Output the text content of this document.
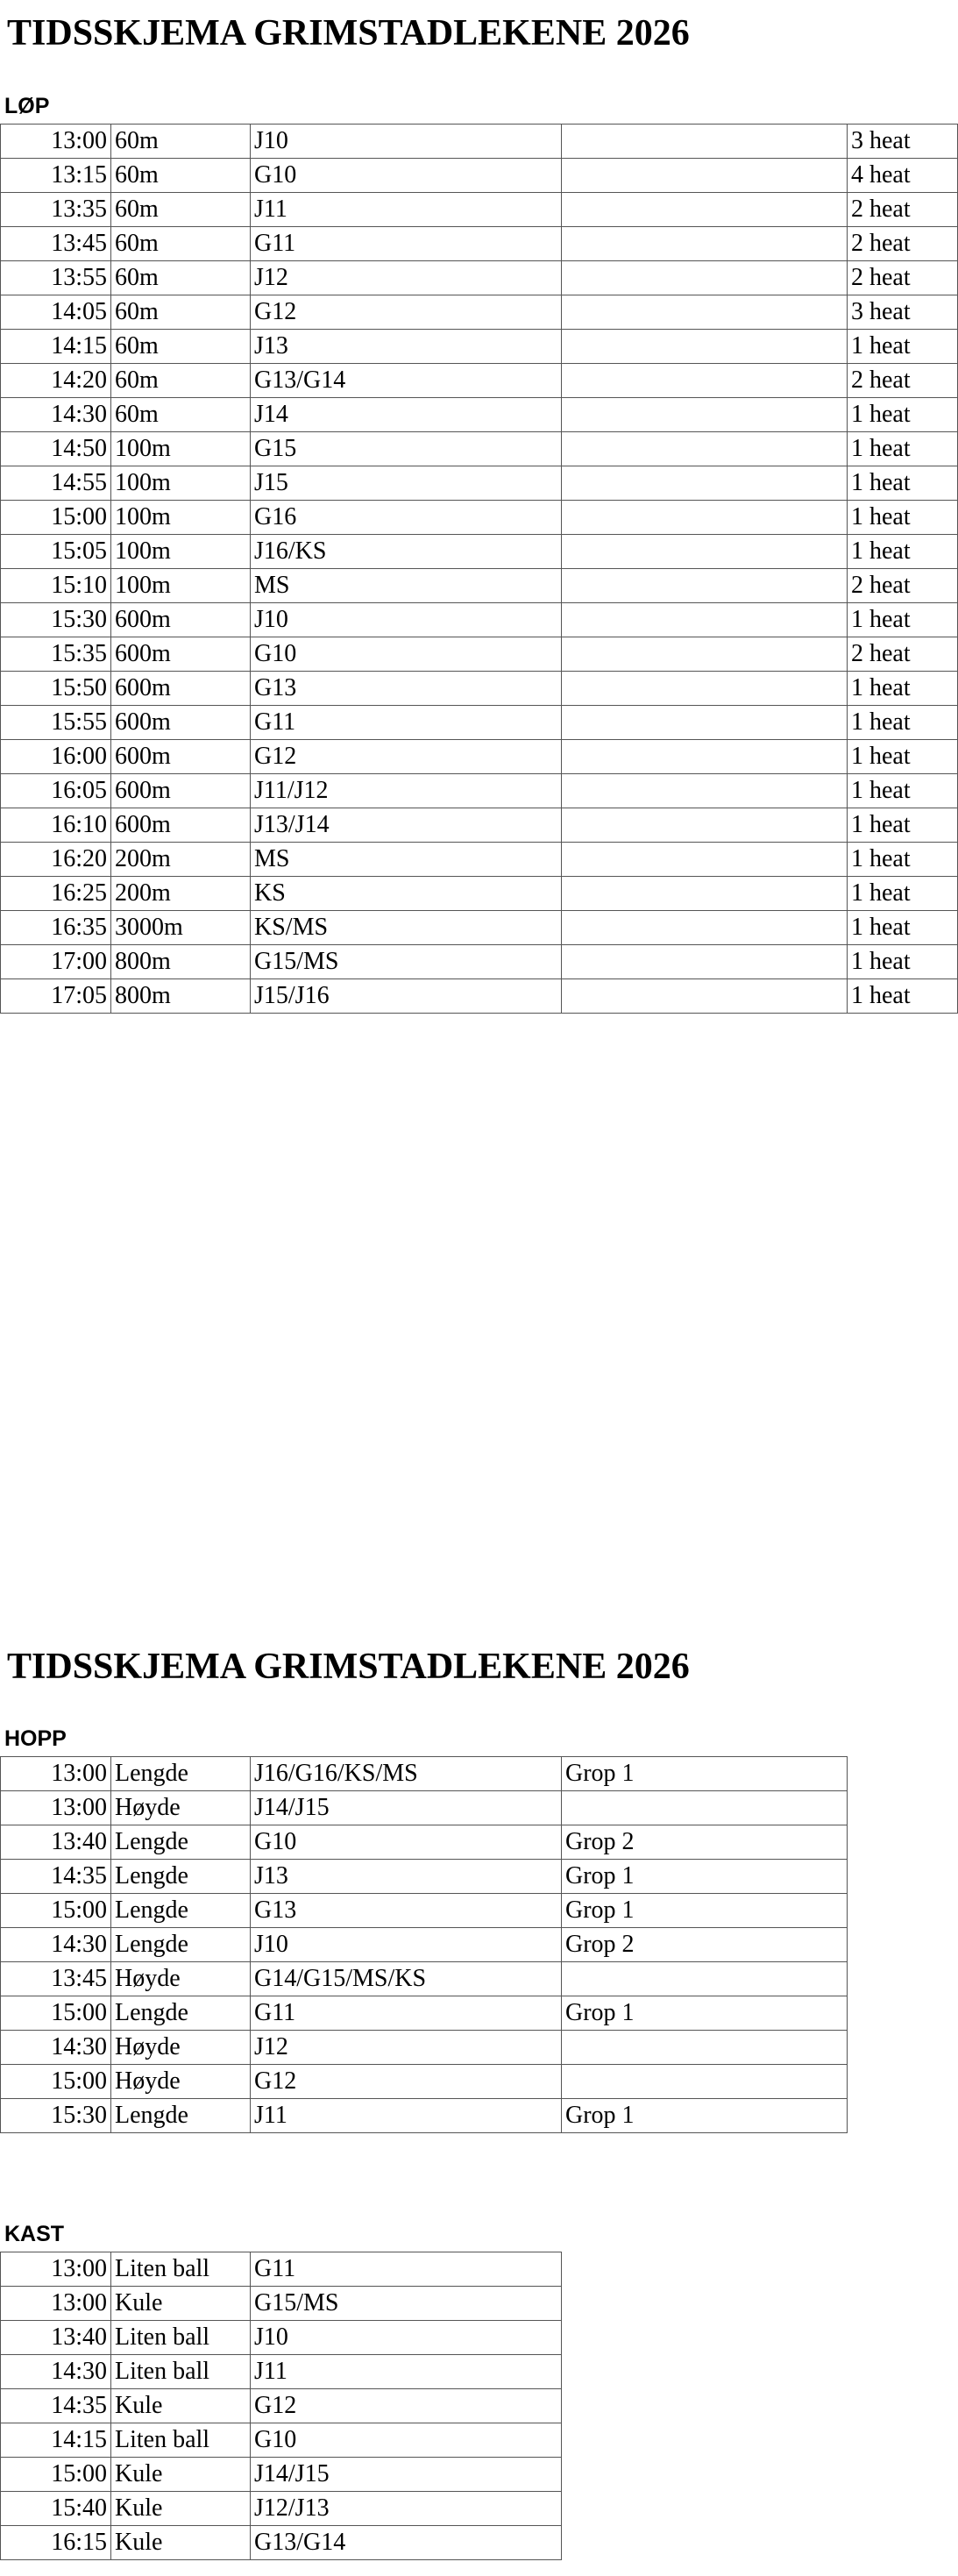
TIDSSKJEMA GRIMSTADLEKENE 2026
LØP
13:00	60m	J10		3 heat
13:15	60m	G10		4 heat
13:35	60m	J11		2 heat
13:45	60m	G11		2 heat
13:55	60m	J12		2 heat
14:05	60m	G12		3 heat
14:15	60m	J13		1 heat
14:20	60m	G13/G14		2 heat
14:30	60m	J14		1 heat
14:50	100m	G15		1 heat
14:55	100m	J15		1 heat
15:00	100m	G16		1 heat
15:05	100m	J16/KS		1 heat
15:10	100m	MS		2 heat
15:30	600m	J10		1 heat
15:35	600m	G10		2 heat
15:50	600m	G13		1 heat
15:55	600m	G11		1 heat
16:00	600m	G12		1 heat
16:05	600m	J11/J12		1 heat
16:10	600m	J13/J14		1 heat
16:20	200m	MS		1 heat
16:25	200m	KS		1 heat
16:35	3000m	KS/MS		1 heat
17:00	800m	G15/MS		1 heat
17:05	800m	J15/J16		1 heat
TIDSSKJEMA GRIMSTADLEKENE 2026
HOPP
13:00	Lengde	J16/G16/KS/MS	Grop 1
13:00	Høyde	J14/J15	
13:40	Lengde	G10	Grop 2
14:35	Lengde	J13	Grop 1
15:00	Lengde	G13	Grop 1
14:30	Lengde	J10	Grop 2
13:45	Høyde	G14/G15/MS/KS	
15:00	Lengde	G11	Grop 1
14:30	Høyde	J12	
15:00	Høyde	G12	
15:30	Lengde	J11	Grop 1
KAST
13:00	Liten ball	G11
13:00	Kule	G15/MS
13:40	Liten ball	J10
14:30	Liten ball	J11
14:35	Kule	G12
14:15	Liten ball	G10
15:00	Kule	J14/J15
15:40	Kule	J12/J13
16:15	Kule	G13/G14
